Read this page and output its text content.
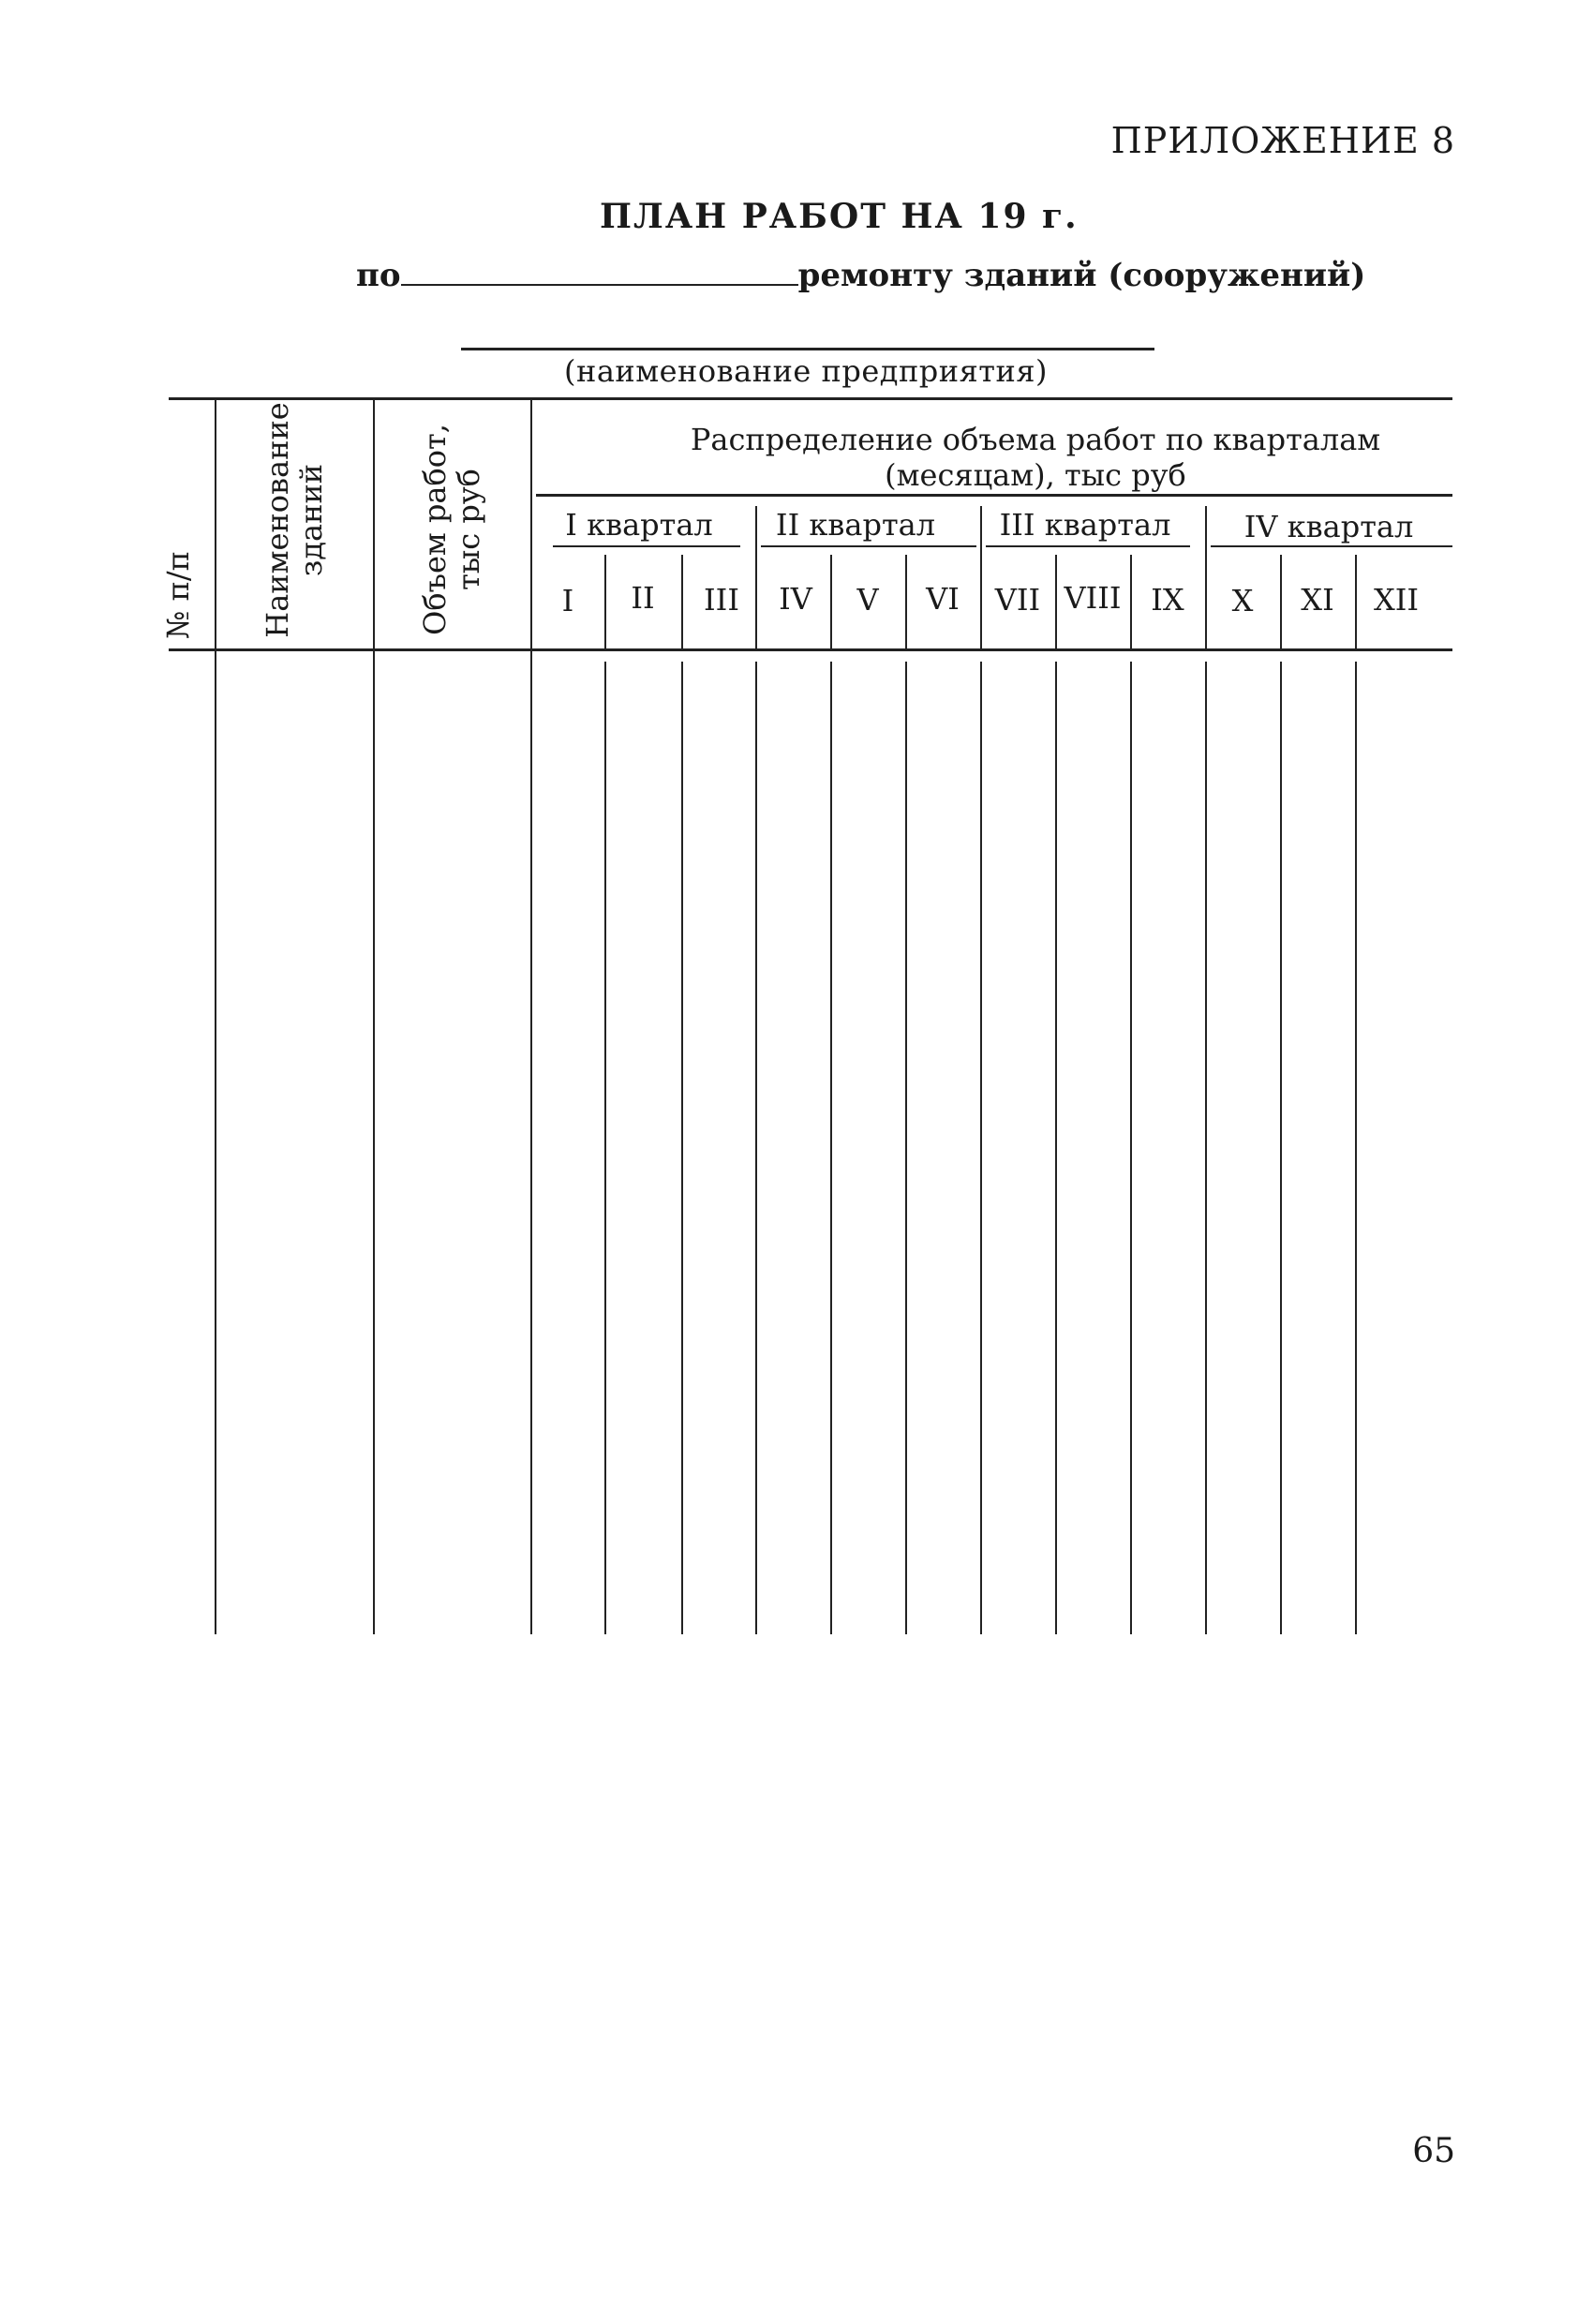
ПРИЛОЖЕНИЕ 8
ПЛАН РАБОТ НА 19 г.
по	ремонту зданий (сооружений)
(наименование предприятия)
№ п/п Наименование
зданий	Объем работ,
тыс руб
Распределение объема работ по кварталам
(месяцам), тыс руб
I квартал II квартал III квартал IV квартал
I II III IV V VI VII VIII IX X XI XII
65
